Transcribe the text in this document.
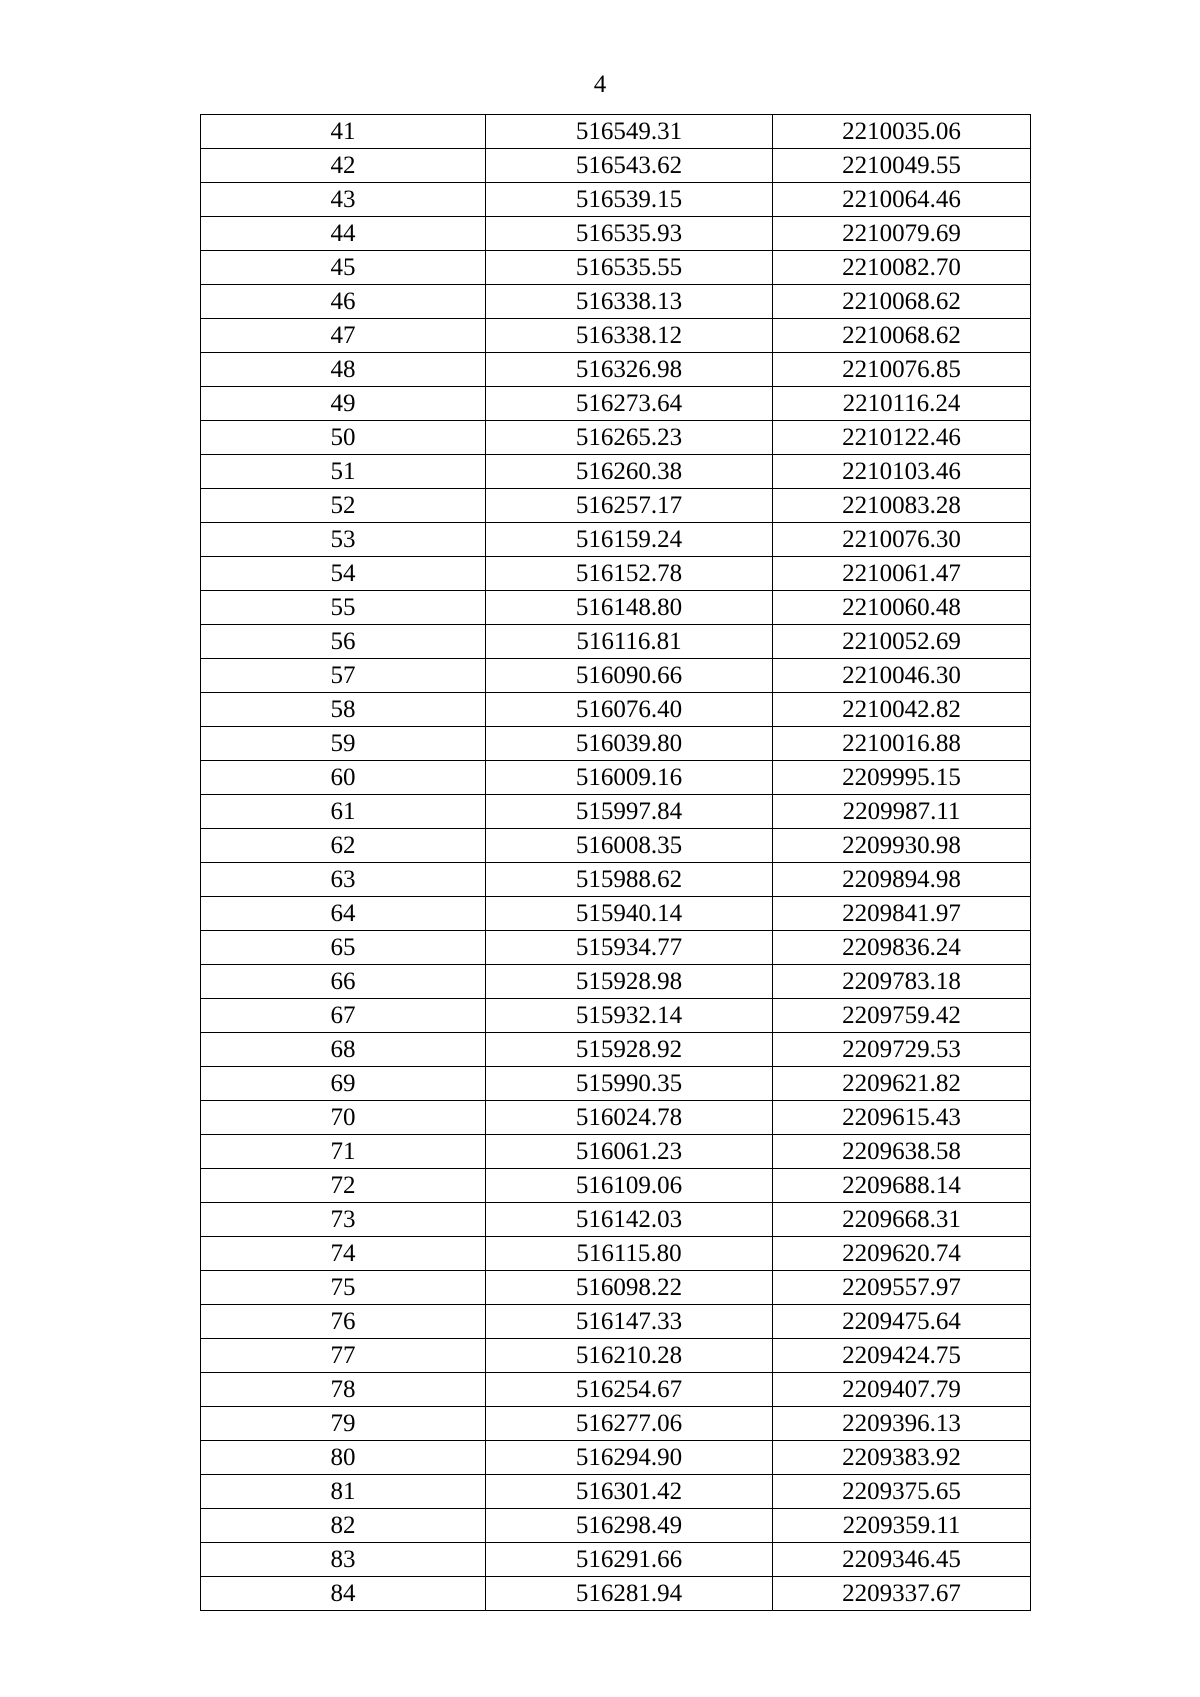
4
41	516549.31	2210035.06
42	516543.62	2210049.55
43	516539.15	2210064.46
44	516535.93	2210079.69
45	516535.55	2210082.70
46	516338.13	2210068.62
47	516338.12	2210068.62
48	516326.98	2210076.85
49	516273.64	2210116.24
50	516265.23	2210122.46
51	516260.38	2210103.46
52	516257.17	2210083.28
53	516159.24	2210076.30
54	516152.78	2210061.47
55	516148.80	2210060.48
56	516116.81	2210052.69
57	516090.66	2210046.30
58	516076.40	2210042.82
59	516039.80	2210016.88
60	516009.16	2209995.15
61	515997.84	2209987.11
62	516008.35	2209930.98
63	515988.62	2209894.98
64	515940.14	2209841.97
65	515934.77	2209836.24
66	515928.98	2209783.18
67	515932.14	2209759.42
68	515928.92	2209729.53
69	515990.35	2209621.82
70	516024.78	2209615.43
71	516061.23	2209638.58
72	516109.06	2209688.14
73	516142.03	2209668.31
74	516115.80	2209620.74
75	516098.22	2209557.97
76	516147.33	2209475.64
77	516210.28	2209424.75
78	516254.67	2209407.79
79	516277.06	2209396.13
80	516294.90	2209383.92
81	516301.42	2209375.65
82	516298.49	2209359.11
83	516291.66	2209346.45
84	516281.94	2209337.67
